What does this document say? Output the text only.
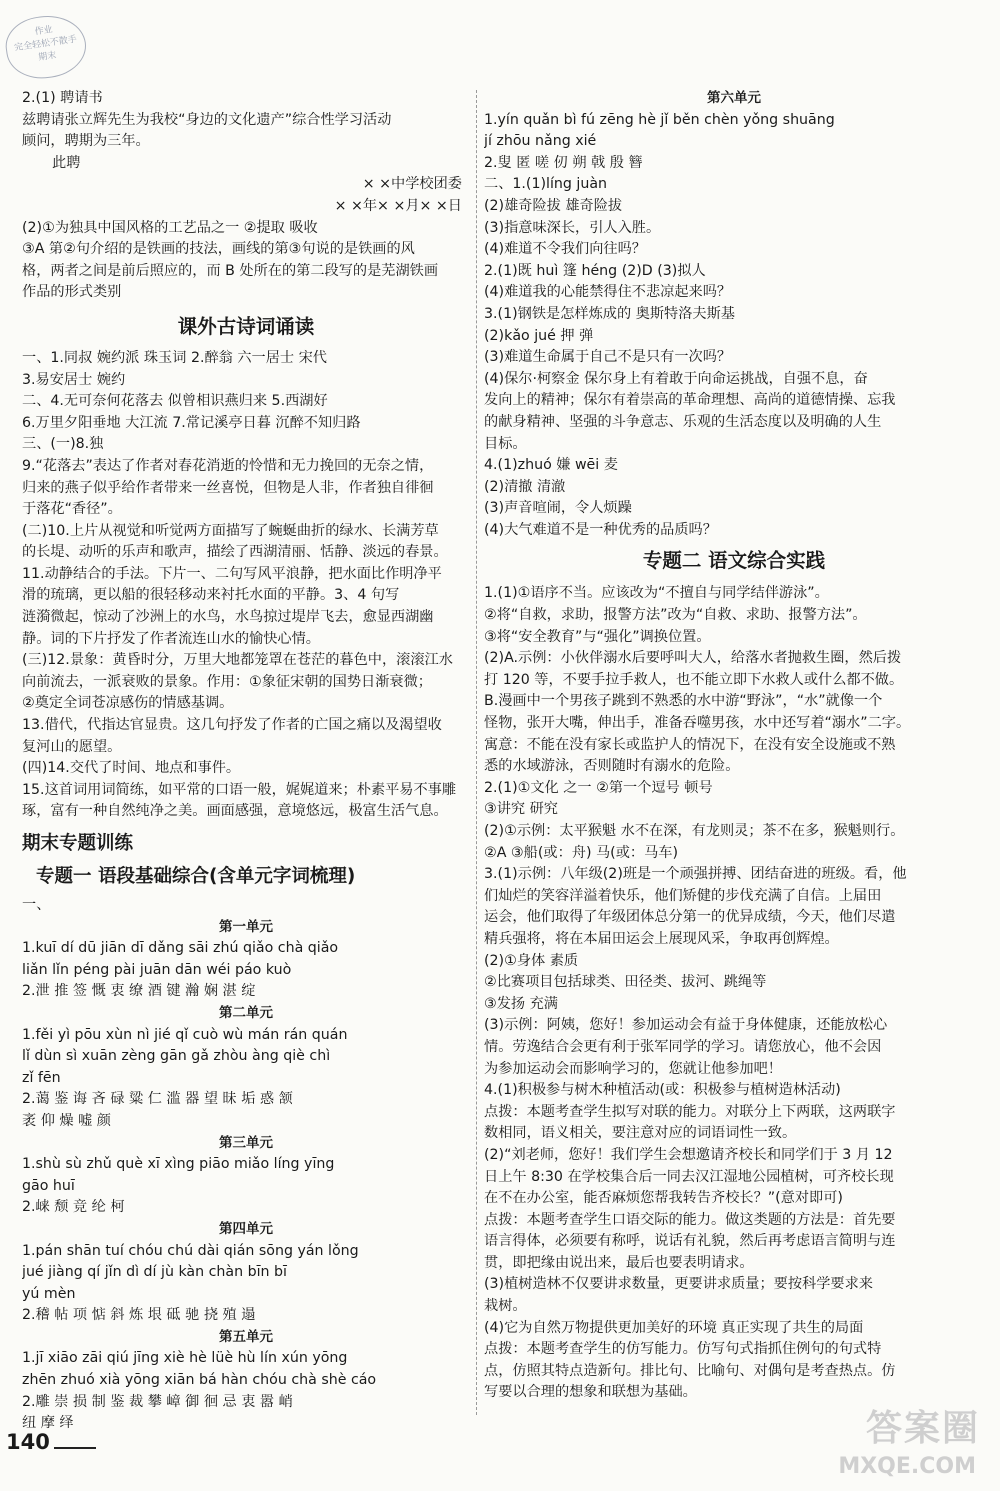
作业
完全轻松不散手
期末
2.(1) 聘请书
兹聘请张立辉先生为我校“身边的文化遗产”综合性学习活动
顾问，聘期为三年。
此聘
× ×中学校团委
× ×年× ×月× ×日
(2)①为独具中国风格的工艺品之一 ②提取 吸收
③A 第②句介绍的是铁画的技法，画线的第③句说的是铁画的风
格，两者之间是前后照应的，而 B 处所在的第二段写的是芜湖铁画
作品的形式类别
课外古诗词诵读
一、1.同叔 婉约派 珠玉词 2.醉翁 六一居士 宋代
3.易安居士 婉约
二、4.无可奈何花落去 似曾相识燕归来 5.西湖好
6.万里夕阳垂地 大江流 7.常记溪亭日暮 沉醉不知归路
三、(一)8.独
9.“花落去”表达了作者对春花消逝的怜惜和无力挽回的无奈之情，
归来的燕子似乎给作者带来一丝喜悦，但物是人非，作者独自徘徊
于落花“香径”。
(二)10.上片从视觉和听觉两方面描写了蜿蜒曲折的绿水、长满芳草
的长堤、动听的乐声和歌声，描绘了西湖清丽、恬静、淡远的春景。
11.动静结合的手法。下片一、二句写风平浪静，把水面比作明净平
滑的琉璃，更以船的很轻移动来衬托水面的平静。3、4 句写
涟漪微起，惊动了沙洲上的水鸟，水鸟掠过堤岸飞去，愈显西湖幽
静。词的下片抒发了作者流连山水的愉快心情。
(三)12.景象：黄昏时分，万里大地都笼罩在苍茫的暮色中，滚滚江水
向前流去，一派衰败的景象。作用：①象征宋朝的国势日渐衰微；
②奠定全词苍凉感伤的情感基调。
13.借代，代指达官显贵。这几句抒发了作者的亡国之痛以及渴望收
复河山的愿望。
(四)14.交代了时间、地点和事件。
15.这首词用词简练，如平常的口语一般，娓娓道来；朴素平易不事雕
琢，富有一种自然纯净之美。画面感强，意境悠远，极富生活气息。
期末专题训练
专题一 语段基础综合(含单元字词梳理)
一、
第一单元
1.kuī dí dū jiān dī dǎng sāi zhú qiǎo chà qiǎo
liǎn lǐn péng pài juān dān wéi páo kuò
2.泄 推 签 慨 衷 缭 酒 键 瀚 娴 湛 绽
第二单元
1.fěi yì pōu xùn nì jié qǐ cuò wù mán rán quán
lǐ dùn sì xuān zèng gān gǎ zhòu àng qiè chì
zǐ fēn
2.蔼 鉴 诲 吝 碌 粱 仁 滥 器 望 昧 垢 惑 颔
袤 仰 燥 嘘 颜
第三单元
1.shù sù zhǔ què xī xìng piāo miǎo líng yīng
gāo huī
2.崃 颓 竞 纶 柯
第四单元
1.pán shān tuí chóu chú dài qián sōng yán lǒng
jué jiàng qí jǐn dì dí jù kàn chàn bīn bī
yú mèn
2.稽 帖 项 惦 斜 炼 垠 砥 驰 挠 殖 遢
第五单元
1.jī xiāo zāi qiú jīng xiè hè lüè hù lín xún yōng
zhēn zhuó xià yōng xiān bá hàn chóu chà shè cáo
2.雕 崇 损 制 鉴 裁 攀 嶂 御 徊 忌 衷 嚣 峭
纽 摩 绎
第六单元
1.yín quǎn bì fú zēng hè jǐ běn chèn yǒng shuāng
jí zhōu nǎng xié
2.叟 匿 嗟 仞 朔 戟 殷 簪
二、1.(1)líng juàn
(2)雄奇险拔 雄奇险拔
(3)指意味深长，引人入胜。
(4)难道不令我们向往吗？
2.(1)既 huì 篷 héng (2)D (3)拟人
(4)难道我的心能禁得住不悲凉起来吗？
3.(1)钢铁是怎样炼成的 奥斯特洛夫斯基
(2)kǎo jué 押 弹
(3)难道生命属于自己不是只有一次吗？
(4)保尔·柯察金 保尔身上有着敢于向命运挑战，自强不息，奋
发向上的精神；保尔有着崇高的革命理想、高尚的道德情操、忘我
的献身精神、坚强的斗争意志、乐观的生活态度以及明确的人生
目标。
4.(1)zhuó 嫌 wēi 麦
(2)清撤 清澈
(3)声音喧闹，令人烦躁
(4)大气难道不是一种优秀的品质吗？
专题二 语文综合实践
1.(1)①语序不当。应该改为“不擅自与同学结伴游泳”。
②将“自救，求助，报警方法”改为“自救、求助、报警方法”。
③将“安全教育”与“强化”调换位置。
(2)A.示例：小伙伴溺水后要呼叫大人，给落水者抛救生圈，然后拨
打 120 等，不要手拉手救人，也不能立即下水救人或什么都不做。
B.漫画中一个男孩子跳到不熟悉的水中游“野泳”，“水”就像一个
怪物，张开大嘴，伸出手，准备吞噬男孩，水中还写着“溺水”二字。
寓意：不能在没有家长或监护人的情况下，在没有安全设施或不熟
悉的水域游泳，否则随时有溺水的危险。
2.(1)①文化 之一 ②第一个逗号 顿号
③讲究 研究
(2)①示例：太平猴魁 水不在深，有龙则灵；茶不在多，猴魁则行。
②A ③船(或：舟) 马(或：马车)
3.(1)示例：八年级(2)班是一个顽强拼搏、团结奋进的班级。看，他
们灿烂的笑容洋溢着快乐，他们矫健的步伐充满了自信。上届田
运会，他们取得了年级团体总分第一的优异成绩，今天，他们尽遣
精兵强将，将在本届田运会上展现风采，争取再创辉煌。
(2)①身体 素质
②比赛项目包括球类、田径类、拔河、跳绳等
③发扬 充满
(3)示例：阿姨，您好！参加运动会有益于身体健康，还能放松心
情。劳逸结合会更有利于张军同学的学习。请您放心，他不会因
为参加运动会而影响学习的，您就让他参加吧！
4.(1)积极参与树木种植活动(或：积极参与植树造林活动)
点拨：本题考查学生拟写对联的能力。对联分上下两联，这两联字
数相同，语义相关，要注意对应的词语词性一致。
(2)“刘老师，您好！我们学生会想邀请齐校长和同学们于 3 月 12
日上午 8:30 在学校集合后一同去汉江湿地公园植树，可齐校长现
在不在办公室，能否麻烦您帮我转告齐校长？”(意对即可)
点拨：本题考查学生口语交际的能力。做这类题的方法是：首先要
语言得体，必须要有称呼，说话有礼貌，然后再考虑语言简明与连
贯，即把缘由说出来，最后也要表明请求。
(3)植树造林不仅要讲求数量，更要讲求质量；要按科学要求来
栽树。
(4)它为自然万物提供更加美好的环境 真正实现了共生的局面
点拨：本题考查学生的仿写能力。仿写句式指抓住例句的句式特
点，仿照其特点造新句。排比句、比喻句、对偶句是考查热点。仿
写要以合理的想象和联想为基础。
140	答案圈
MXQE.COM
